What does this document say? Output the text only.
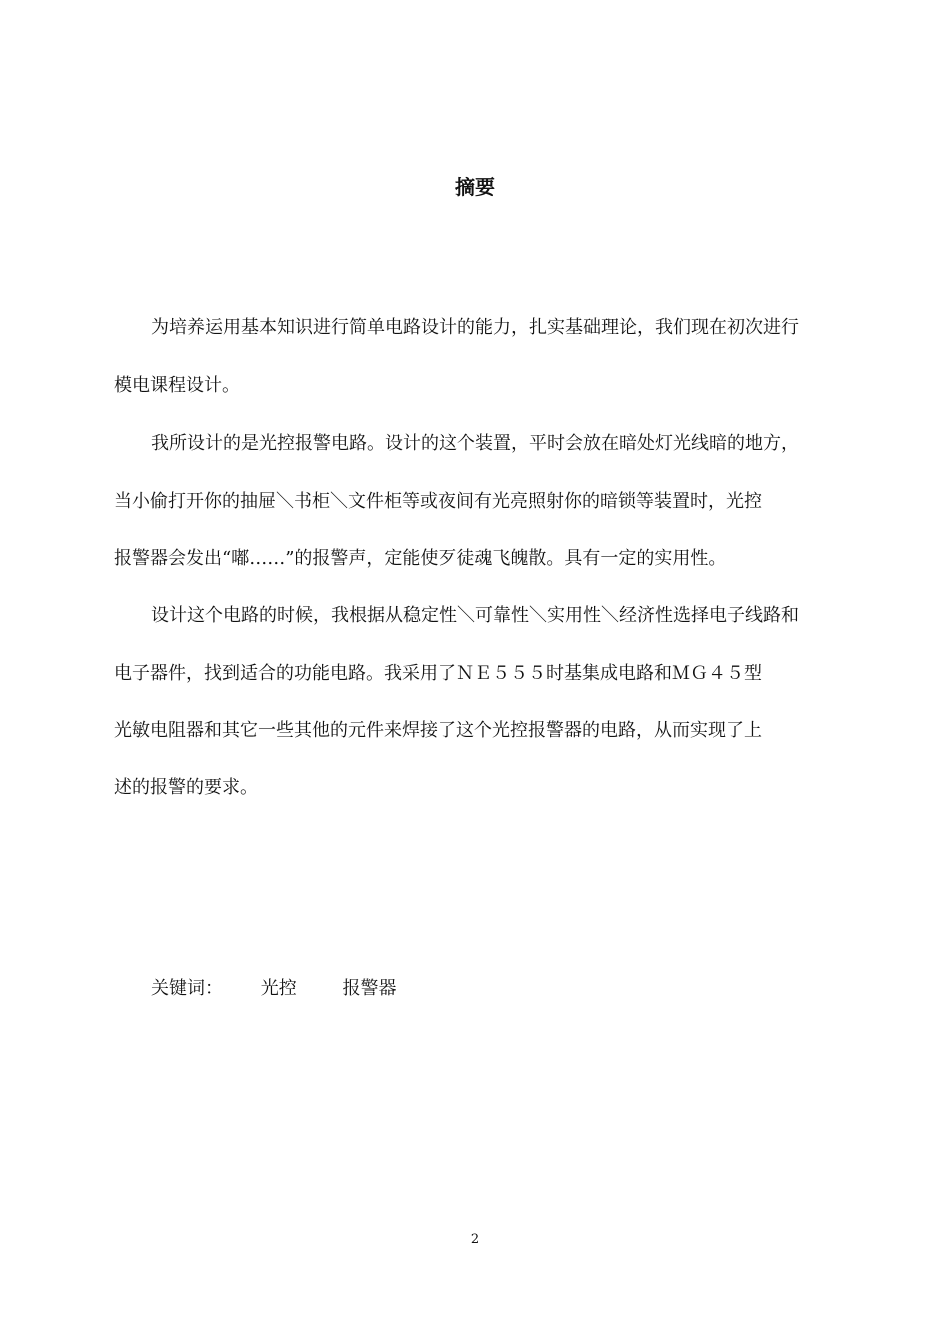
摘要
为培养运用基本知识进行简单电路设计的能力，扎实基础理论，我们现在初次进行
模电课程设计。
我所设计的是光控报警电路。设计的这个装置，平时会放在暗处灯光线暗的地方，
当小偷打开你的抽屉＼书柜＼文件柜等或夜间有光亮照射你的暗锁等装置时，光控
报警器会发出“嘟……”的报警声，定能使歹徒魂飞魄散。具有一定的实用性。
设计这个电路的时候，我根据从稳定性＼可靠性＼实用性＼经济性选择电子线路和
电子器件，找到适合的功能电路。我采用了ＮＥ５５５时基集成电路和ＭＧ４５型
光敏电阻器和其它一些其他的元件来焊接了这个光控报警器的电路，从而实现了上
述的报警的要求。
关键词： 光控	报警器
2
